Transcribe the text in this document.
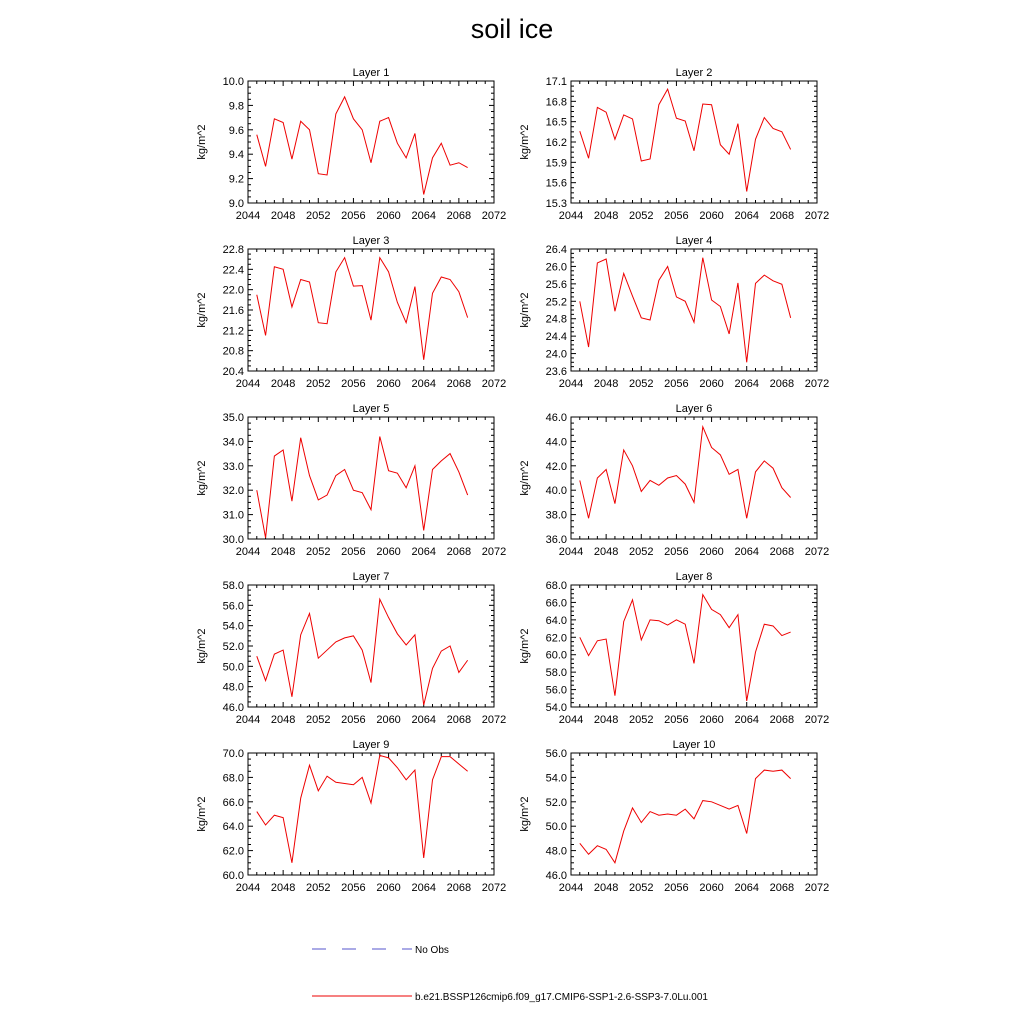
soil ice
Layer 1
kg/m^2
2044 2048 2052 2056 2060 2064 2068 2072
9.0
9.2
9.4
9.6
9.8
10.0
Layer 2
kg/m^2
2044 2048 2052 2056 2060 2064 2068 2072
15.3
15.6
15.9
16.2
16.5
16.8
17.1
Layer 3
kg/m^2
2044 2048 2052 2056 2060 2064 2068 2072
20.4
20.8
21.2
21.6
22.0
22.4
22.8
Layer 4
kg/m^2
2044 2048 2052 2056 2060 2064 2068 2072
23.6
24.0
24.4
24.8
25.2
25.6
26.0
26.4
Layer 5
kg/m^2
2044 2048 2052 2056 2060 2064 2068 2072
30.0
31.0
32.0
33.0
34.0
35.0
Layer 6
kg/m^2
2044 2048 2052 2056 2060 2064 2068 2072
36.0
38.0
40.0
42.0
44.0
46.0
Layer 7
kg/m^2
2044 2048 2052 2056 2060 2064 2068 2072
46.0
48.0
50.0
52.0
54.0
56.0
58.0
Layer 8
kg/m^2
2044 2048 2052 2056 2060 2064 2068 2072
54.0
56.0
58.0
60.0
62.0
64.0
66.0
68.0
Layer 9
kg/m^2
2044 2048 2052 2056 2060 2064 2068 2072
60.0
62.0
64.0
66.0
68.0
70.0
Layer 10
kg/m^2
2044 2048 2052 2056 2060 2064 2068 2072
46.0
48.0
50.0
52.0
54.0
56.0
No Obs
b.e21.BSSP126cmip6.f09_g17.CMIP6-SSP1-2.6-SSP3-7.0Lu.001
